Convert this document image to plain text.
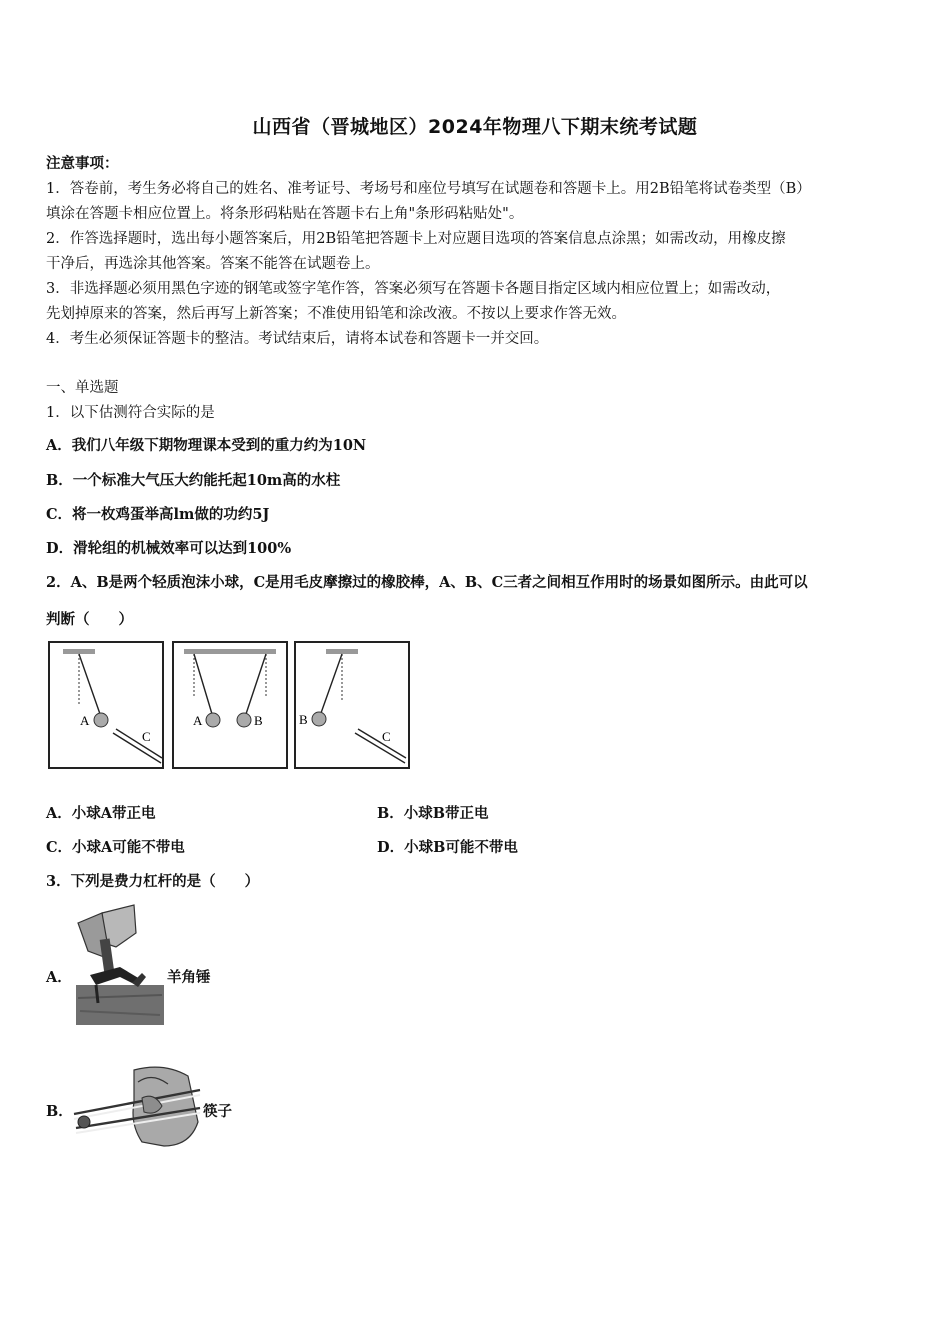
山西省（晋城地区）2024年物理八下期末统考试题
注意事项：
1．答卷前，考生务必将自己的姓名、准考证号、考场号和座位号填写在试题卷和答题卡上。用2B铅笔将试卷类型（B）
填涂在答题卡相应位置上。将条形码粘贴在答题卡右上角"条形码粘贴处"。
2．作答选择题时，选出每小题答案后，用2B铅笔把答题卡上对应题目选项的答案信息点涂黑；如需改动，用橡皮擦
干净后，再选涂其他答案。答案不能答在试题卷上。
3．非选择题必须用黑色字迹的钢笔或签字笔作答，答案必须写在答题卡各题目指定区域内相应位置上；如需改动，
先划掉原来的答案，然后再写上新答案；不准使用铅笔和涂改液。不按以上要求作答无效。
4．考生必须保证答题卡的整洁。考试结束后，请将本试卷和答题卡一并交回。
一、单选题
1．以下估测符合实际的是
A．我们八年级下期物理课本受到的重力约为10N
B．一个标准大气压大约能托起10m高的水柱
C．将一枚鸡蛋举高lm做的功约5J
D．滑轮组的机械效率可以达到100%
2．A、B是两个轻质泡沫小球，C是用毛皮摩擦过的橡胶棒，A、B、C三者之间相互作用时的场景如图所示。由此可以
判断（　　）
A
C
A	B	B
C
A．小球A带正电	B．小球B带正电
C．小球A可能不带电	D．小球B可能不带电
3．下列是费力杠杆的是（　　）
A．	羊角锤
B．	筷子
